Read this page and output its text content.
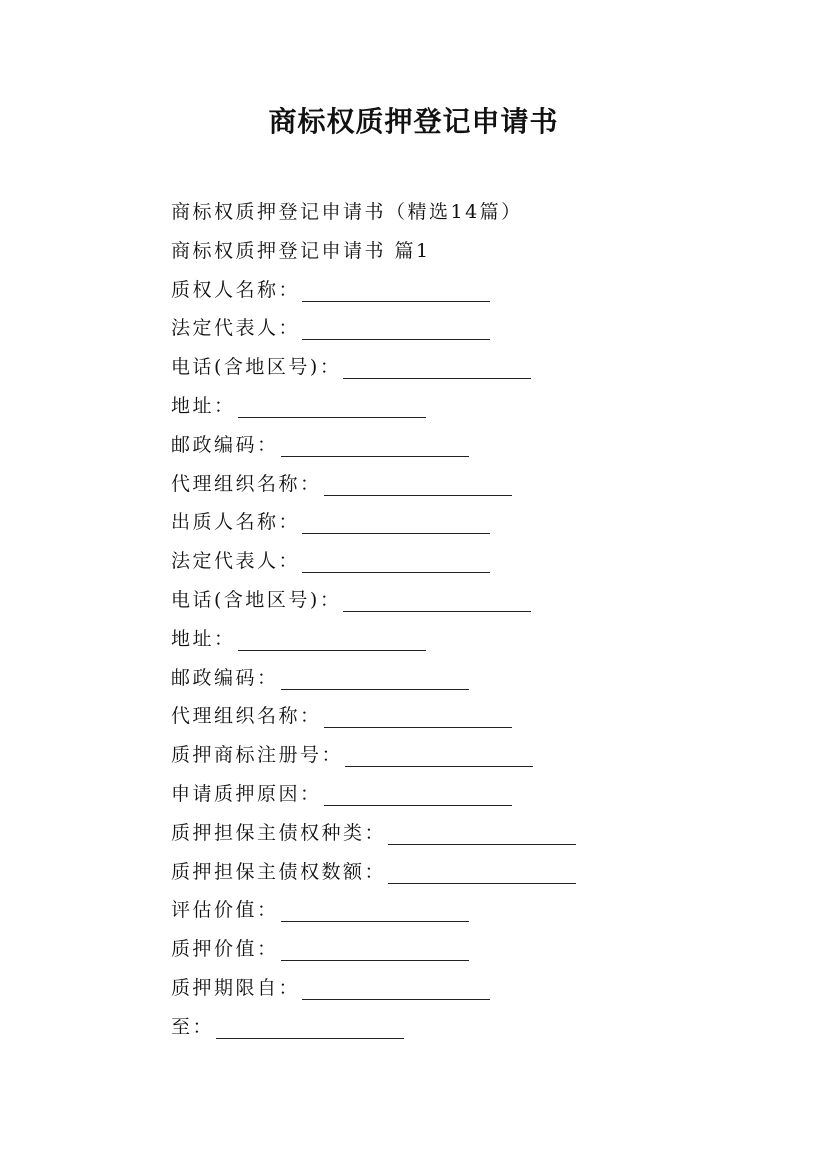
商标权质押登记申请书
商标权质押登记申请书（精选14篇）
商标权质押登记申请书 篇1
质权人名称：
法定代表人：
电话(含地区号)：
地址：
邮政编码：
代理组织名称：
出质人名称：
法定代表人：
电话(含地区号)：
地址：
邮政编码：
代理组织名称：
质押商标注册号：
申请质押原因：
质押担保主债权种类：
质押担保主债权数额：
评估价值：
质押价值：
质押期限自：
至：
